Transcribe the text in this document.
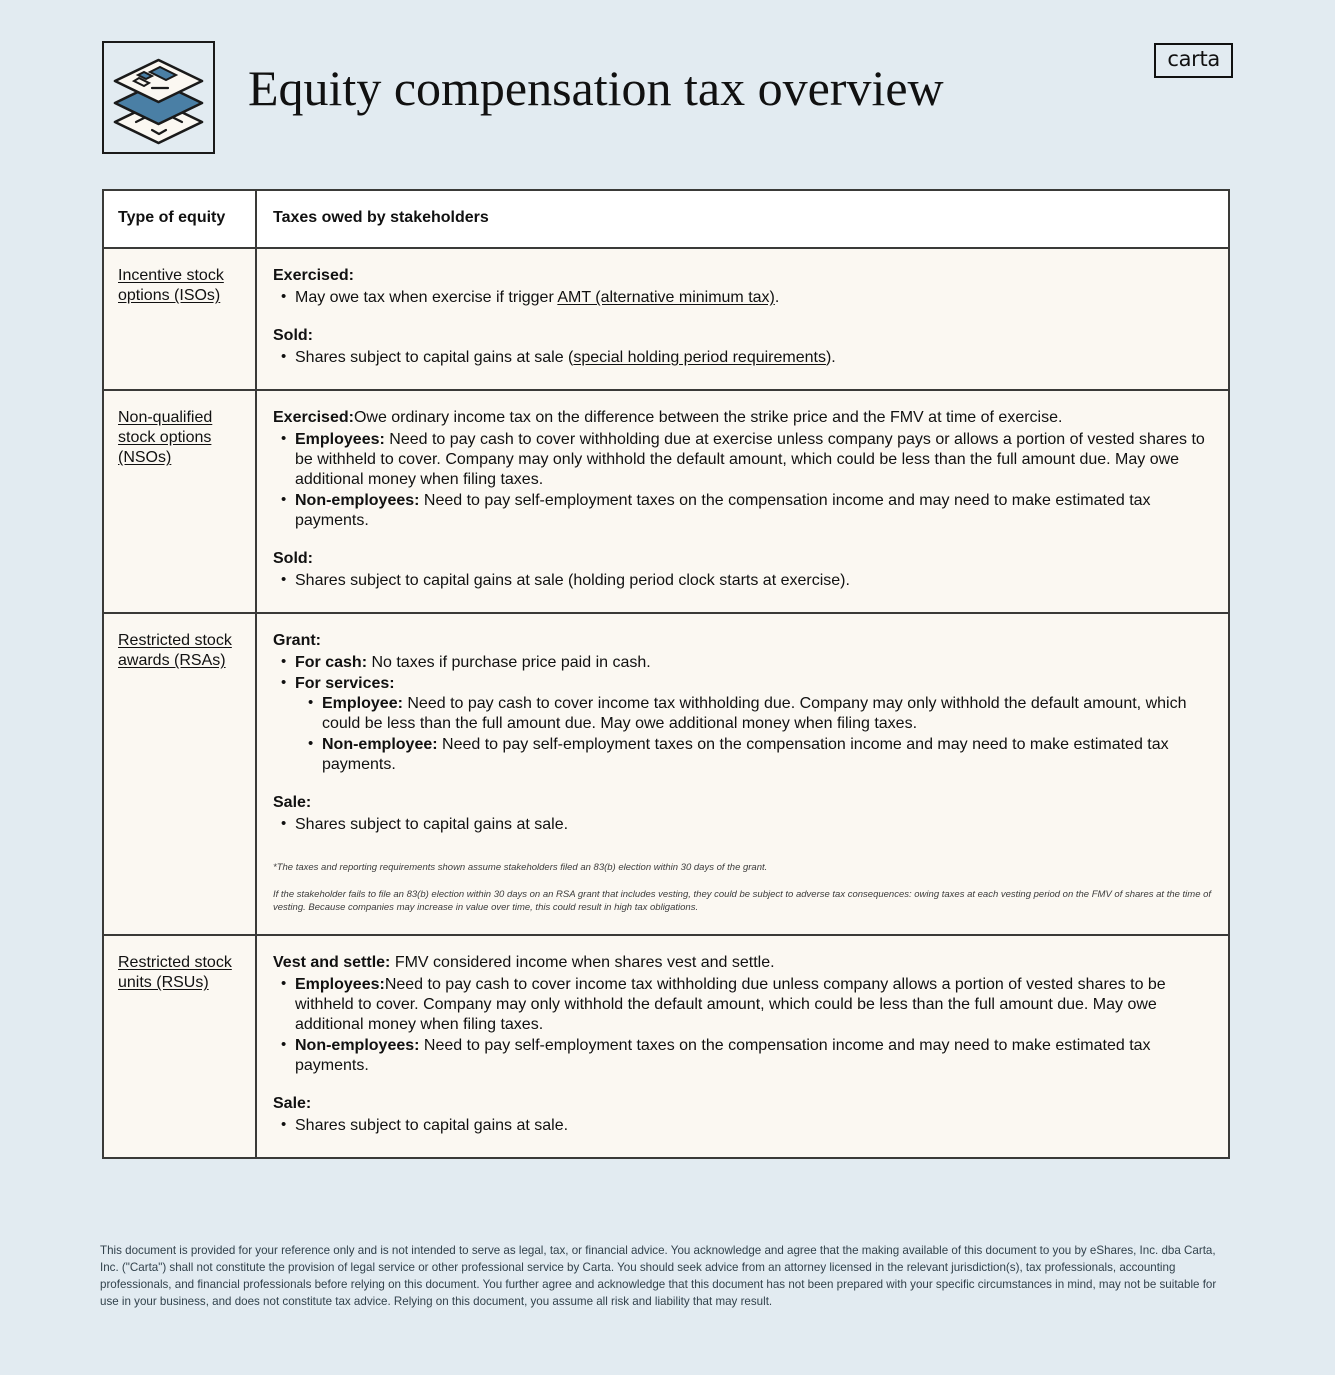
Equity compensation tax overview
carta
Type of equity	Taxes owed by stakeholders
Incentive stock options (ISOs)

Exercised:

• May owe tax when exercise if trigger AMT (alternative minimum tax).

Sold:

• Shares subject to capital gains at sale (special holding period requirements).
Non-qualified stock options (NSOs)

Exercised:Owe ordinary income tax on the difference between the strike price and the FMV at time of exercise.

• Employees: Need to pay cash to cover withholding due at exercise unless company pays or allows a portion of vested shares to be withheld to cover. Company may only withhold the default amount, which could be less than the full amount due. May owe additional money when filing taxes.
• Non-employees: Need to pay self-employment taxes on the compensation income and may need to make estimated tax payments.

Sold:

• Shares subject to capital gains at sale (holding period clock starts at exercise).
Restricted stock awards (RSAs)

Grant:

• For cash: No taxes if purchase price paid in cash.
• For services:
• Employee: Need to pay cash to cover income tax withholding due. Company may only withhold the default amount, which could be less than the full amount due. May owe additional money when filing taxes.
• Non-employee: Need to pay self-employment taxes on the compensation income and may need to make estimated tax payments.

Sale:

• Shares subject to capital gains at sale.

*The taxes and reporting requirements shown assume stakeholders filed an 83(b) election within 30 days of the grant.

If the stakeholder fails to file an 83(b) election within 30 days on an RSA grant that includes vesting, they could be subject to adverse tax consequences: owing taxes at each vesting period on the FMV of shares at the time of vesting. Because companies may increase in value over time, this could result in high tax obligations.

Restricted stock units (RSUs)

Vest and settle: FMV considered income when shares vest and settle.

• Employees:Need to pay cash to cover income tax withholding due unless company allows a portion of vested shares to be withheld to cover. Company may only withhold the default amount, which could be less than the full amount due. May owe additional money when filing taxes.
• Non-employees: Need to pay self-employment taxes on the compensation income and may need to make estimated tax payments.

Sale:

• Shares subject to capital gains at sale.
This document is provided for your reference only and is not intended to serve as legal, tax, or financial advice. You acknowledge and agree that the making available of this document to you by eShares, Inc. dba Carta, Inc. ("Carta") shall not constitute the provision of legal service or other professional service by Carta. You should seek advice from an attorney licensed in the relevant jurisdiction(s), tax professionals, accounting professionals, and financial professionals before relying on this document. You further agree and acknowledge that this document has not been prepared with your specific circumstances in mind, may not be suitable for use in your business, and does not constitute tax advice. Relying on this document, you assume all risk and liability that may result.
